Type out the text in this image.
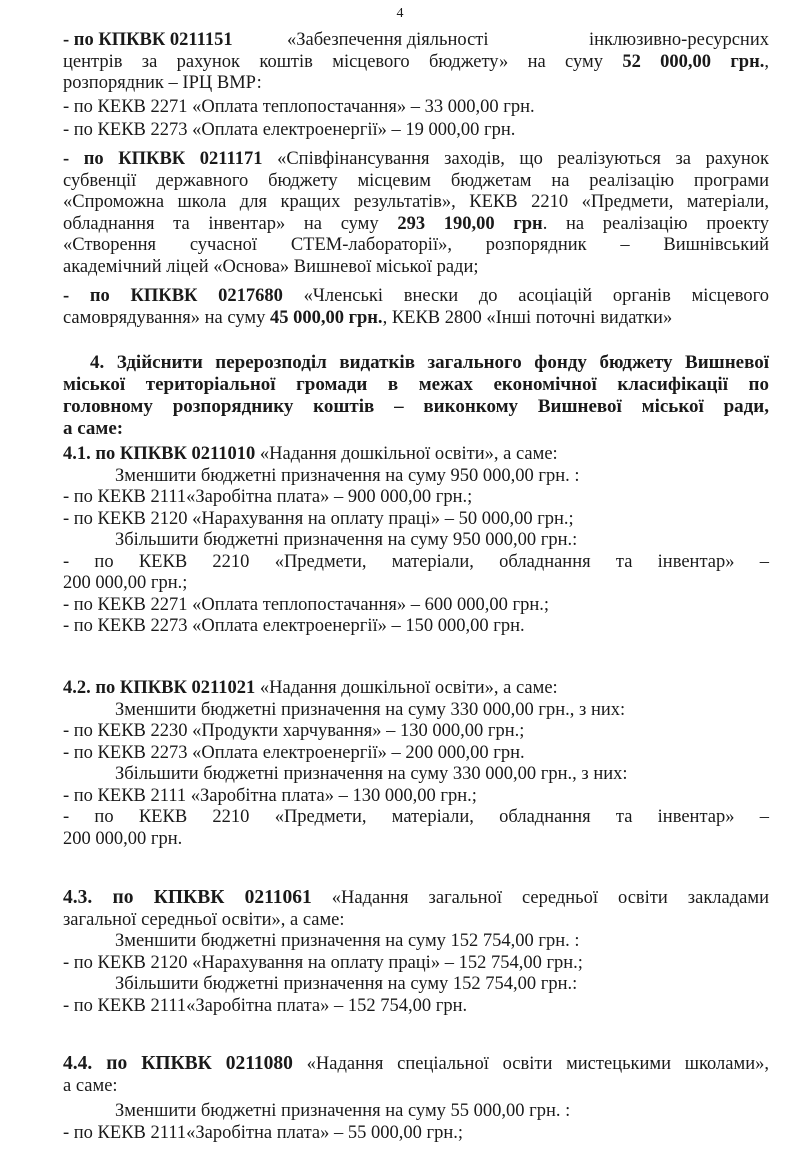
4

- по КПКВК 0211151	«Забезпечення діяльності	інклюзивно-ресурсних

центрів за рахунок коштів місцевого бюджету» на суму 52 000,00 грн.,

розпорядник – ІРЦ ВМР:

- по КЕКВ 2271 «Оплата теплопостачання» – 33 000,00 грн.

- по КЕКВ 2273 «Оплата електроенергії» – 19 000,00 грн.

- по КПКВК 0211171 «Співфінансування заходів, що реалізуються за рахунок

субвенції державного бюджету місцевим бюджетам на реалізацію програми

«Спроможна школа для кращих результатів», КЕКВ 2210 «Предмети, матеріали,

обладнання та інвентар» на суму 293 190,00 грн. на реалізацію проекту

«Створення сучасної СТЕМ-лабораторії», розпорядник – Вишнівський

академічний ліцей «Основа» Вишневої міської ради;

- по КПКВК 0217680 «Членські внески до асоціацій органів місцевого

самоврядування» на суму 45 000,00 грн., КЕКВ 2800 «Інші поточні видатки»

4. Здійснити перерозподіл видатків загального фонду бюджету Вишневої

міської територіальної громади в межах економічної класифікації по

головному розпоряднику коштів – виконкому Вишневої міської ради,

а саме:

4.1. по КПКВК 0211010 «Надання дошкільної освіти», а саме:

Зменшити бюджетні призначення на суму 950 000,00 грн. :

- по КЕКВ 2111«Заробітна плата» – 900 000,00 грн.;

- по КЕКВ 2120 «Нарахування на оплату праці» – 50 000,00 грн.;

Збільшити бюджетні призначення на суму 950 000,00 грн.:

- по КЕКВ 2210 «Предмети, матеріали, обладнання та інвентар» –

200 000,00 грн.;

- по КЕКВ 2271 «Оплата теплопостачання» – 600 000,00 грн.;

- по КЕКВ 2273 «Оплата електроенергії» – 150 000,00 грн.

4.2. по КПКВК 0211021 «Надання дошкільної освіти», а саме:

Зменшити бюджетні призначення на суму 330 000,00 грн., з них:

- по КЕКВ 2230 «Продукти харчування» – 130 000,00 грн.;

- по КЕКВ 2273 «Оплата електроенергії» – 200 000,00 грн.

Збільшити бюджетні призначення на суму 330 000,00 грн., з них:

- по КЕКВ 2111 «Заробітна плата» – 130 000,00 грн.;

- по КЕКВ 2210 «Предмети, матеріали, обладнання та інвентар» –

200 000,00 грн.

4.3. по КПКВК 0211061 «Надання загальної середньої освіти закладами

загальної середньої освіти», а саме:

Зменшити бюджетні призначення на суму 152 754,00 грн. :

- по КЕКВ 2120 «Нарахування на оплату праці» – 152 754,00 грн.;

Збільшити бюджетні призначення на суму 152 754,00 грн.:

- по КЕКВ 2111«Заробітна плата» – 152 754,00 грн.

4.4. по КПКВК 0211080 «Надання спеціальної освіти мистецькими школами»,

а саме:

Зменшити бюджетні призначення на суму 55 000,00 грн. :

- по КЕКВ 2111«Заробітна плата» – 55 000,00 грн.;
